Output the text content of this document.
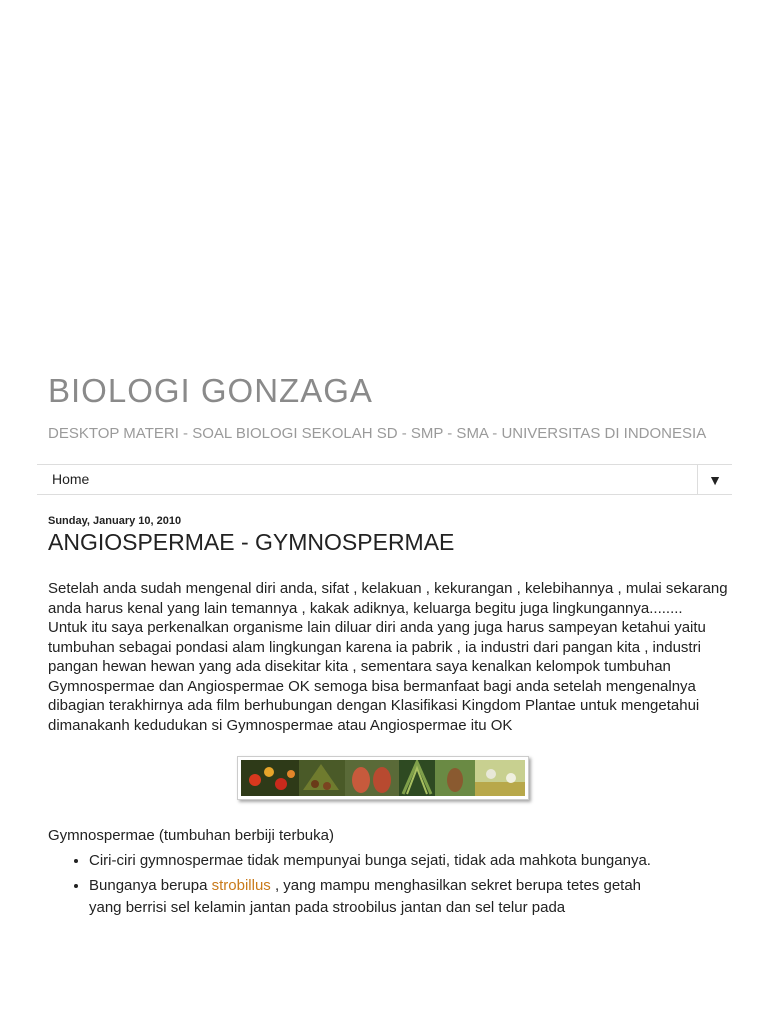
BIOLOGI GONZAGA
DESKTOP MATERI - SOAL BIOLOGI SEKOLAH SD - SMP - SMA - UNIVERSITAS DI INDONESIA
Home	▼
Sunday, January 10, 2010
ANGIOSPERMAE - GYMNOSPERMAE

Setelah anda sudah mengenal diri anda, sifat , kelakuan , kekurangan , kelebihannya , mulai sekarang anda harus kenal yang lain temannya , kakak adiknya, keluarga begitu juga lingkungannya........

Untuk itu saya perkenalkan organisme lain diluar diri anda yang juga harus sampeyan ketahui yaitu tumbuhan sebagai pondasi alam lingkungan karena ia pabrik , ia industri dari pangan kita , industri pangan hewan hewan yang ada disekitar kita , sementara saya kenalkan kelompok tumbuhan Gymnospermae dan Angiospermae OK semoga bisa bermanfaat bagi anda setelah mengenalnya dibagian terakhirnya ada film berhubungan dengan Klasifikasi Kingdom Plantae untuk mengetahui dimanakanh kedudukan si Gymnospermae atau Angiospermae itu OK

Gymnospermae (tumbuhan berbiji terbuka)

• Ciri-ciri gymnospermae tidak mempunyai bunga sejati, tidak ada mahkota bunganya.
• Bunganya berupa strobillus , yang mampu menghasilkan sekret berupa tetes getah yang berrisi sel kelamin jantan pada stroobilus jantan dan sel telur pada
